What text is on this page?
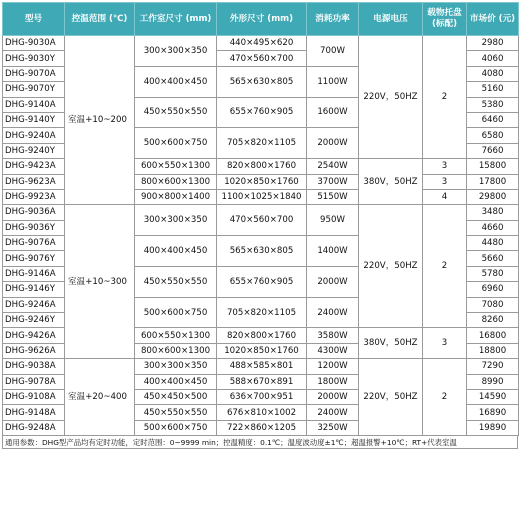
型号	控温范围 (℃)	工作室尺寸 (mm)	外形尺寸 (mm)	消耗功率	电源电压	载物托盘 (标配)	市场价 (元)
DHG-9030A	室温+10~200	300×300×350	440×495×620	700W	220V，50HZ	2	2980
DHG-9030Y			470×560×700				4060
DHG-9070A		400×400×450	565×630×805	1100W			4080
DHG-9070Y							5160
DHG-9140A		450×550×550	655×760×905	1600W			5380
DHG-9140Y							6460
DHG-9240A		500×600×750	705×820×1105	2000W			6580
DHG-9240Y							7660
DHG-9423A		600×550×1300	820×800×1760	2540W	380V，50HZ	3	15800
DHG-9623A		800×600×1300	1020×850×1760	3700W		3	17800
DHG-9923A		900×800×1400	1100×1025×1840	5150W		4	29800
DHG-9036A	室温+10~300	300×300×350	470×560×700	950W	220V，50HZ	2	3480
DHG-9036Y							4660
DHG-9076A		400×400×450	565×630×805	1400W			4480
DHG-9076Y							5660
DHG-9146A		450×550×550	655×760×905	2000W			5780
DHG-9146Y							6960
DHG-9246A		500×600×750	705×820×1105	2400W			7080
DHG-9246Y							8260
DHG-9426A		600×550×1300	820×800×1760	3580W	380V，50HZ	3	16800
DHG-9626A		800×600×1300	1020×850×1760	4300W			18800
DHG-9038A	室温+20~400	300×300×350	488×585×801	1200W	220V，50HZ	2	7290
DHG-9078A		400×400×450	588×670×891	1800W			8990
DHG-9108A		450×450×500	636×700×951	2000W			14590
DHG-9148A		450×550×550	676×810×1002	2400W			16890
DHG-9248A		500×600×750	722×860×1205	3250W			19890
通用参数：DHG型产品均有定时功能，定时范围：0~9999 min；控温精度：0.1℃；温度波动度±1℃；超温报警+10℃；RT+代表室温
